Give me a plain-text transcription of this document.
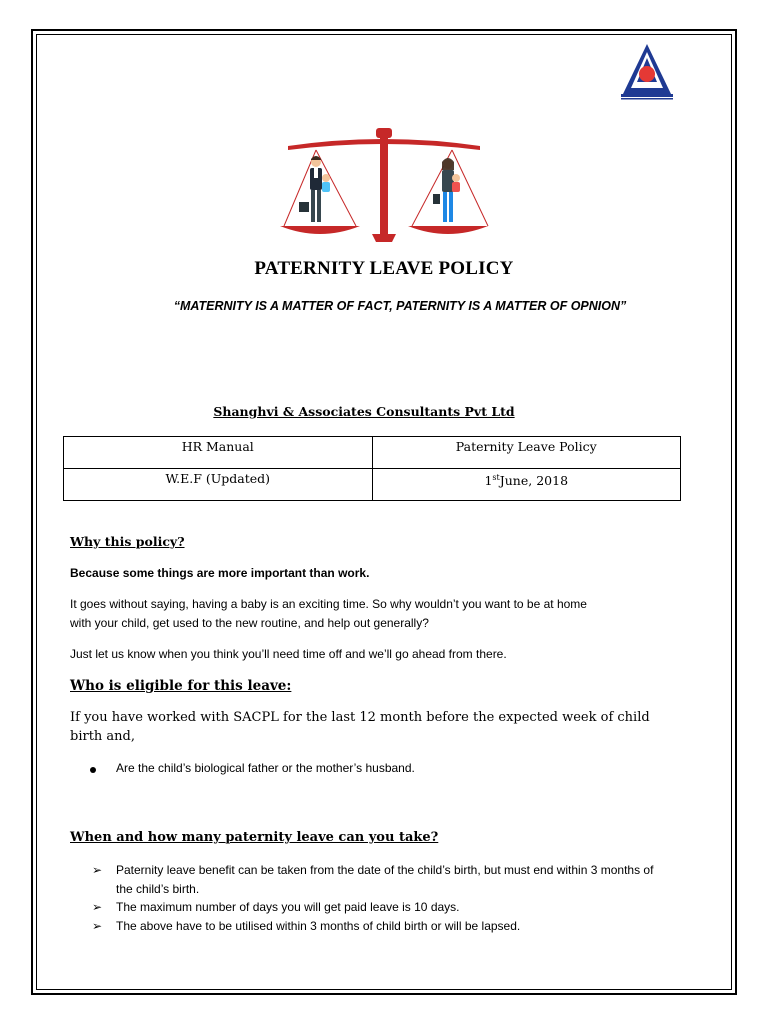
PATERNITY LEAVE POLICY
“MATERNITY IS A MATTER OF FACT, PATERNITY IS A MATTER OF OPNION”
Shanghvi & Associates Consultants Pvt Ltd
HR Manual	Paternity Leave Policy
W.E.F (Updated)	1stJune, 2018
Why this policy?
Because some things are more important than work.
It goes without saying, having a baby is an exciting time. So why wouldn’t you want to be at home
with your child, get used to the new routine, and help out generally?
Just let us know when you think you’ll need time off and we’ll go ahead from there.
Who is eligible for this leave:
If you have worked with SACPL for the last 12 month before the expected week of child birth and,
Are the child’s biological father or the mother’s husband.
When and how many paternity leave can you take?
➢ Paternity leave benefit can be taken from the date of the child’s birth, but must end within 3 months of the child’s birth.
➢ The maximum number of days you will get paid leave is 10 days.
➢ The above have to be utilised within 3 months of child birth or will be lapsed.
